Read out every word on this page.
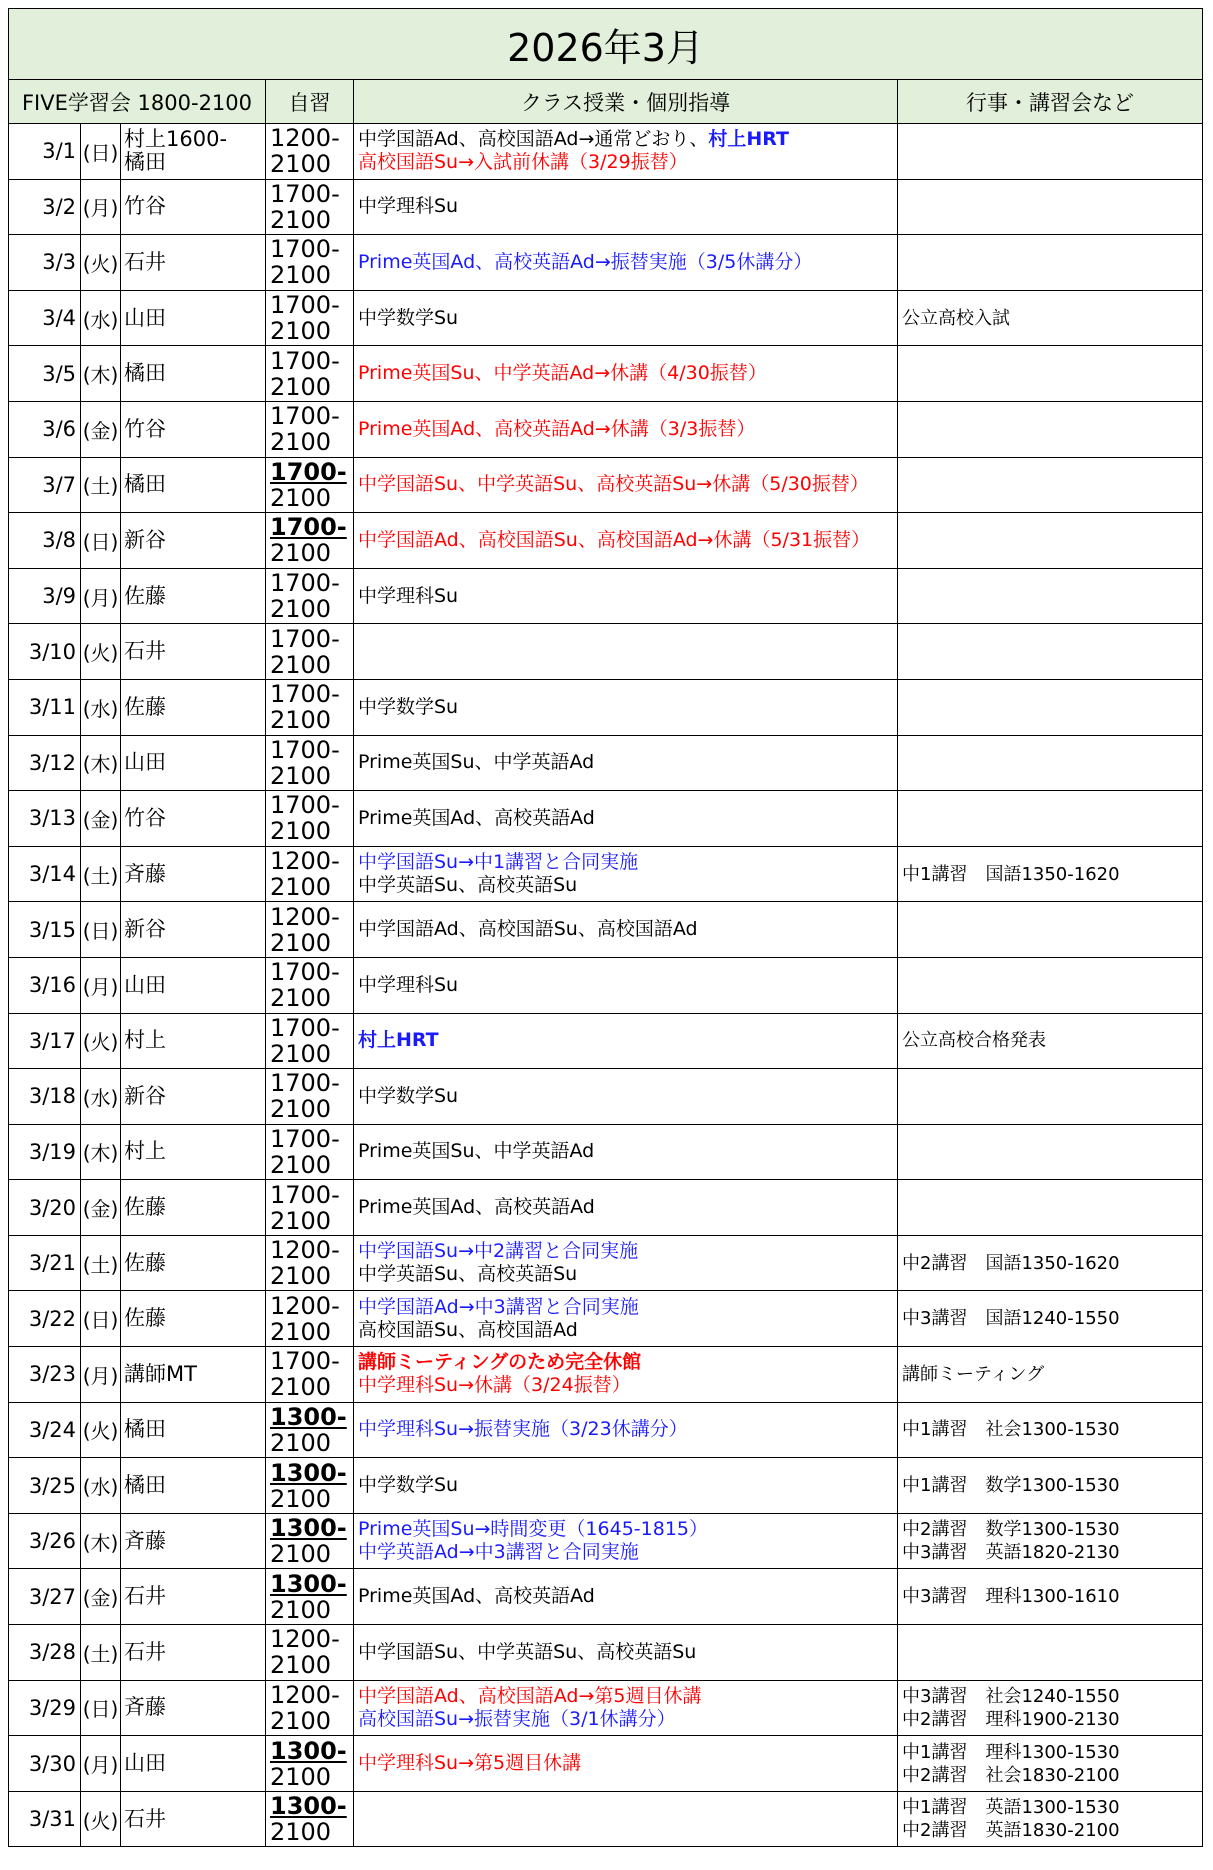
2026年3月					
FIVE学習会 1800-2100			自習	クラス授業・個別指導	行事・講習会など
3/1	(日)	村上1600-
橘田	1200-
2100	中学国語Ad、高校国語Ad→通常どおり、村上HRT
高校国語Su→入試前休講（3/29振替）	

3/2	(月)	竹谷	1700-
2100	中学理科Su	

3/3	(火)	石井	1700-
2100	Prime英国Ad、高校英語Ad→振替実施（3/5休講分）	

3/4	(水)	山田	1700-
2100	中学数学Su	公立高校入試

3/5	(木)	橘田	1700-
2100	Prime英国Su、中学英語Ad→休講（4/30振替）	

3/6	(金)	竹谷	1700-
2100	Prime英国Ad、高校英語Ad→休講（3/3振替）	

3/7	(土)	橘田	1700-
2100	中学国語Su、中学英語Su、高校英語Su→休講（5/30振替）	

3/8	(日)	新谷	1700-
2100	中学国語Ad、高校国語Su、高校国語Ad→休講（5/31振替）	

3/9	(月)	佐藤	1700-
2100	中学理科Su	

3/10	(火)	石井	1700-
2100		

3/11	(水)	佐藤	1700-
2100	中学数学Su	

3/12	(木)	山田	1700-
2100	Prime英国Su、中学英語Ad	

3/13	(金)	竹谷	1700-
2100	Prime英国Ad、高校英語Ad	

3/14	(土)	斉藤	1200-
2100	中学国語Su→中1講習と合同実施
中学英語Su、高校英語Su	中1講習　国語1350-1620

3/15	(日)	新谷	1200-
2100	中学国語Ad、高校国語Su、高校国語Ad	

3/16	(月)	山田	1700-
2100	中学理科Su	

3/17	(火)	村上	1700-
2100	村上HRT	公立高校合格発表

3/18	(水)	新谷	1700-
2100	中学数学Su	

3/19	(木)	村上	1700-
2100	Prime英国Su、中学英語Ad	

3/20	(金)	佐藤	1700-
2100	Prime英国Ad、高校英語Ad	

3/21	(土)	佐藤	1200-
2100	中学国語Su→中2講習と合同実施
中学英語Su、高校英語Su	中2講習　国語1350-1620

3/22	(日)	佐藤	1200-
2100	中学国語Ad→中3講習と合同実施
高校国語Su、高校国語Ad	中3講習　国語1240-1550

3/23	(月)	講師MT	1700-
2100	講師ミーティングのため完全休館
中学理科Su→休講（3/24振替）	講師ミーティング

3/24	(火)	橘田	1300-
2100	中学理科Su→振替実施（3/23休講分）	中1講習　社会1300-1530

3/25	(水)	橘田	1300-
2100	中学数学Su	中1講習　数学1300-1530

3/26	(木)	斉藤	1300-
2100	Prime英国Su→時間変更（1645-1815）
中学英語Ad→中3講習と合同実施	中2講習　数学1300-1530
中3講習　英語1820-2130

3/27	(金)	石井	1300-
2100	Prime英国Ad、高校英語Ad	中3講習　理科1300-1610

3/28	(土)	石井	1200-
2100	中学国語Su、中学英語Su、高校英語Su	

3/29	(日)	斉藤	1200-
2100	中学国語Ad、高校国語Ad→第5週目休講
高校国語Su→振替実施（3/1休講分）	中3講習　社会1240-1550
中2講習　理科1900-2130

3/30	(月)	山田	1300-
2100	中学理科Su→第5週目休講	中1講習　理科1300-1530
中2講習　社会1830-2100

3/31	(火)	石井	1300-
2100		中1講習　英語1300-1530
中2講習　英語1830-2100
